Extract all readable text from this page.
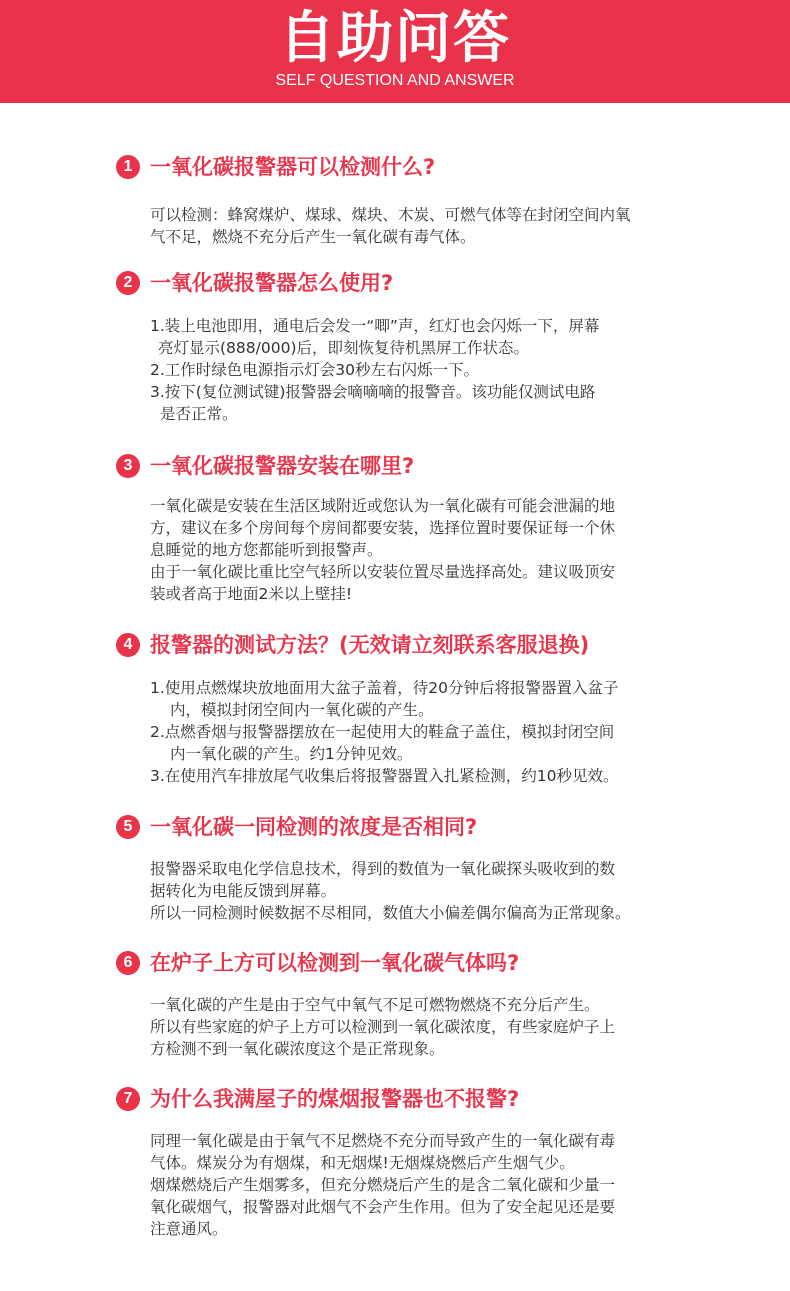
自助问答
SELF QUESTION AND ANSWER
1 一氧化碳报警器可以检测什么?
可以检测：蜂窝煤炉、煤球、煤块、木炭、可燃气体等在封闭空间内氧
气不足，燃烧不充分后产生一氧化碳有毒气体。
2 一氧化碳报警器怎么使用?
1.装上电池即用，通电后会发一“唧”声，红灯也会闪烁一下，屏幕
亮灯显示(888/000)后，即刻恢复待机黑屏工作状态。
2.工作时绿色电源指示灯会30秒左右闪烁一下。
3.按下(复位测试键)报警器会嘀嘀嘀的报警音。该功能仅测试电路
是否正常。
3 一氧化碳报警器安装在哪里?
一氧化碳是安装在生活区域附近或您认为一氧化碳有可能会泄漏的地
方，建议在多个房间每个房间都要安装，选择位置时要保证每一个休
息睡觉的地方您都能听到报警声。
由于一氧化碳比重比空气轻所以安装位置尽量选择高处。建议吸顶安
装或者高于地面2米以上壁挂!
4 报警器的测试方法？(无效请立刻联系客服退换)
1.使用点燃煤块放地面用大盆子盖着，待20分钟后将报警器置入盆子
内，模拟封闭空间内一氧化碳的产生。
2.点燃香烟与报警器摆放在一起使用大的鞋盒子盖住，模拟封闭空间
内一氧化碳的产生。约1分钟见效。
3.在使用汽车排放尾气收集后将报警器置入扎紧检测，约10秒见效。
5 一氧化碳一同检测的浓度是否相同?
报警器采取电化学信息技术，得到的数值为一氧化碳探头吸收到的数
据转化为电能反馈到屏幕。
所以一同检测时候数据不尽相同，数值大小偏差偶尔偏高为正常现象。
6 在炉子上方可以检测到一氧化碳气体吗?
一氧化碳的产生是由于空气中氧气不足可燃物燃烧不充分后产生。
所以有些家庭的炉子上方可以检测到一氧化碳浓度，有些家庭炉子上
方检测不到一氧化碳浓度这个是正常现象。
7 为什么我满屋子的煤烟报警器也不报警?
同理一氧化碳是由于氧气不足燃烧不充分而导致产生的一氧化碳有毒
气体。煤炭分为有烟煤，和无烟煤!无烟煤烧燃后产生烟气少。
烟煤燃烧后产生烟雾多，但充分燃烧后产生的是含二氧化碳和少量一
氧化碳烟气，报警器对此烟气不会产生作用。但为了安全起见还是要
注意通风。
